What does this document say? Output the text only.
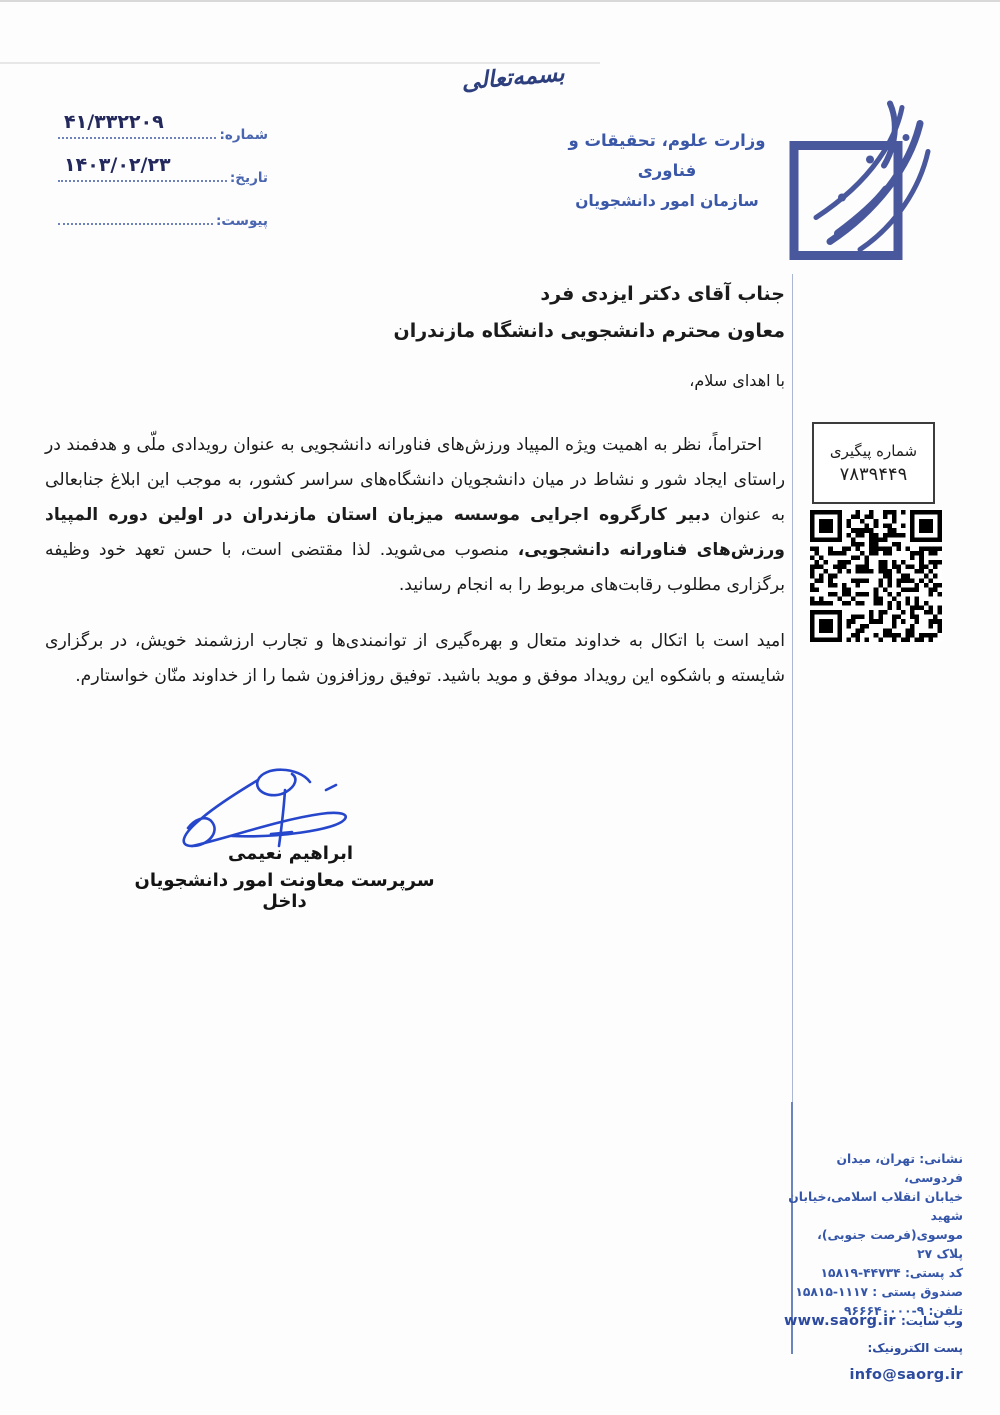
بسمه‌تعالی
وزارت علوم، تحقیقات و فناوری
سازمان امور دانشجویان
شماره:
۴۱/۳۳۲۲۰۹
تاریخ:
۱۴۰۳/۰۲/۲۳
پیوست:
جناب آقای دکتر ایزدی فرد
معاون محترم دانشجویی دانشگاه مازندران
با اهدای سلام،

احتراماً، نظر به اهمیت ویژه المپیاد ورزش‌های فناورانه دانشجویی به عنوان رویدادی ملّی و هدفمند در راستای ایجاد شور و نشاط در میان دانشجویان دانشگاه‌های سراسر کشور، به موجب این ابلاغ جنابعالی به عنوان دبیر کارگروه اجرایی موسسه میزبان استان مازندران در اولین دوره المپیاد ورزش‌های فناورانه دانشجویی، منصوب می‌شوید. لذا مقتضی است، با حسن تعهد خود وظیفه برگزاری مطلوب رقابت‌های مربوط را به انجام رسانید.

امید است با اتکال به خداوند متعال و بهره‌گیری از توانمندی‌ها و تجارب ارزشمند خویش، در برگزاری شایسته و باشکوه این رویداد موفق و موید باشید. توفیق روزافزون شما را از خداوند منّان خواستارم.

شماره پیگیری
۷۸۳۹۴۴۹
ابراهیم نعیمی
سرپرست معاونت امور دانشجویان داخل
نشانی: تهران، میدان فردوسی،
خیابان انقلاب اسلامی،خیابان شهید
موسوی(فرصت جنوبی)، پلاک ۲۷
کد پستی: ۴۴۷۳۴-۱۵۸۱۹
صندوق پستی : ۱۱۱۷-۱۵۸۱۵
تلفن: ۹-۹۶۶۶۴۰۰۰۰
وب سایت: www.saorg.ir
پست الکترونیک: info@saorg.ir
